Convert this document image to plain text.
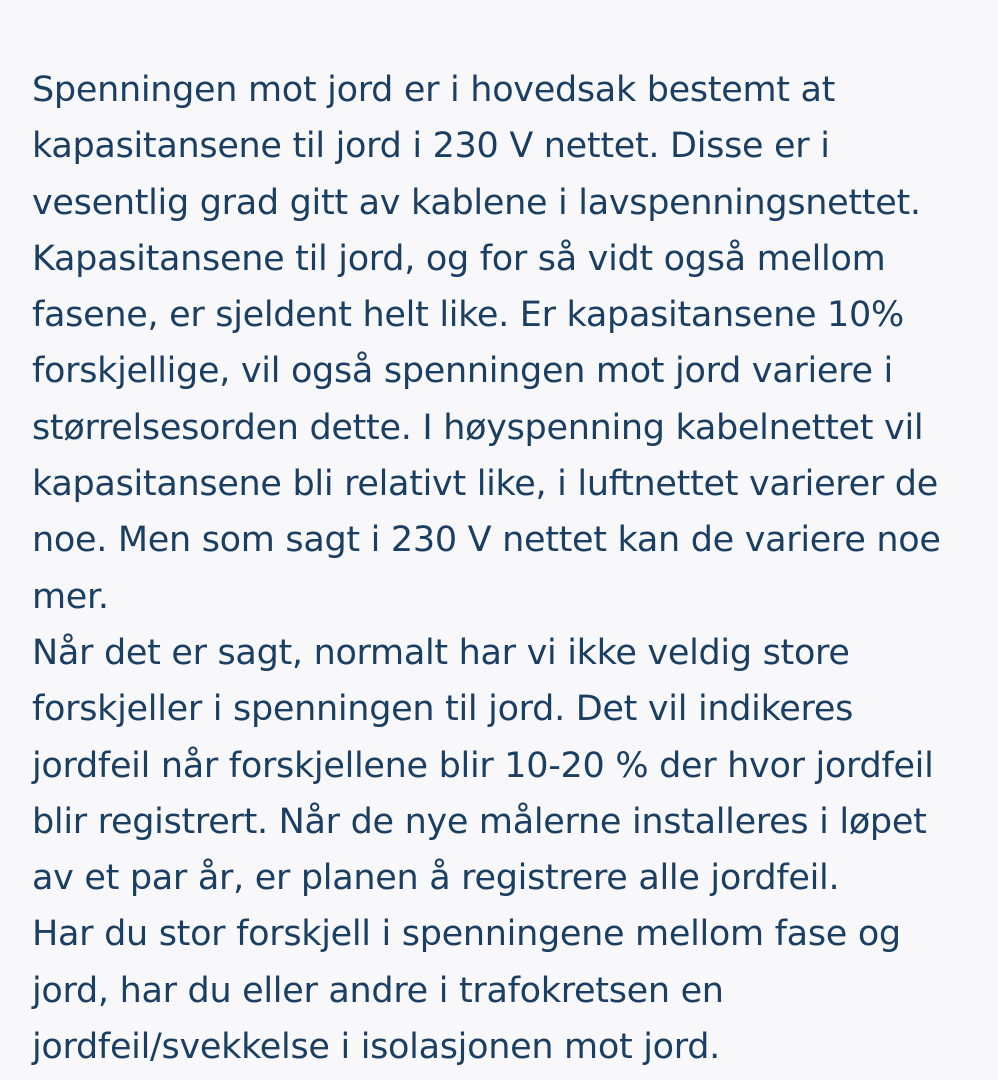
Spenningen mot jord er i hovedsak bestemt at
kapasitansene til jord i 230 V nettet. Disse er i
vesentlig grad gitt av kablene i lavspenningsnettet.
Kapasitansene til jord, og for så vidt også mellom
fasene, er sjeldent helt like. Er kapasitansene 10%
forskjellige, vil også spenningen mot jord variere i
størrelsesorden dette. I høyspenning kabelnettet vil
kapasitansene bli relativt like, i luftnettet varierer de
noe. Men som sagt i 230 V nettet kan de variere noe
mer.
Når det er sagt, normalt har vi ikke veldig store
forskjeller i spenningen til jord. Det vil indikeres
jordfeil når forskjellene blir 10-20 % der hvor jordfeil
blir registrert. Når de nye målerne installeres i løpet
av et par år, er planen å registrere alle jordfeil.
Har du stor forskjell i spenningene mellom fase og
jord, har du eller andre i trafokretsen en
jordfeil/svekkelse i isolasjonen mot jord.
